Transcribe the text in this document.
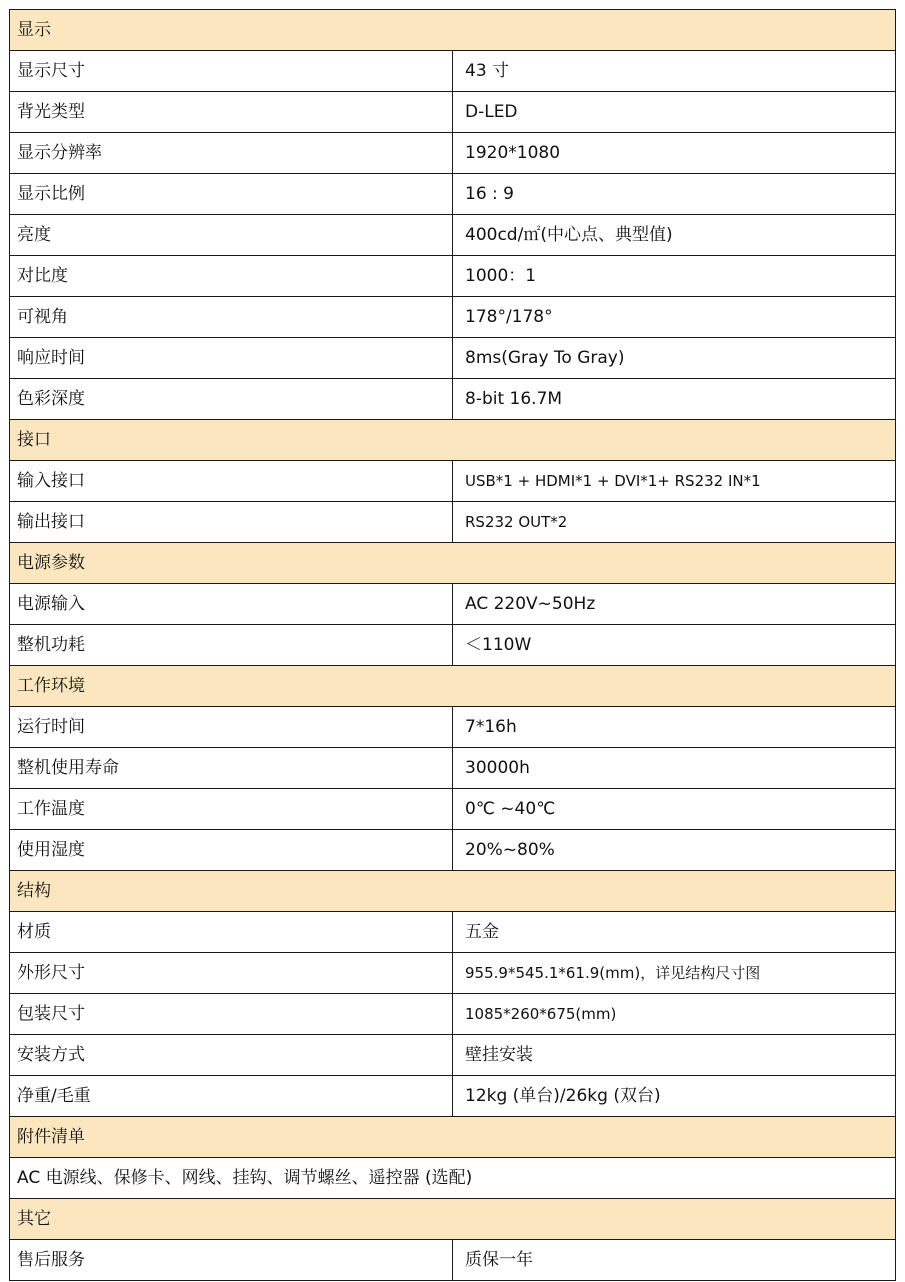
显示	
显示尺寸	43 寸
背光类型	D-LED
显示分辨率	1920*1080
显示比例	16 : 9
亮度	400cd/㎡(中心点、典型值)
对比度	1000：1
可视角	178°/178°
响应时间	8ms(Gray To Gray)
色彩深度	8-bit 16.7M
接口	
输入接口	USB*1 + HDMI*1 + DVI*1+ RS232 IN*1
输出接口	RS232 OUT*2
电源参数	
电源输入	AC 220V~50Hz
整机功耗	＜110W
工作环境	
运行时间	7*16h
整机使用寿命	30000h
工作温度	0℃ ~40℃
使用湿度	20%~80%
结构	
材质	五金
外形尺寸	955.9*545.1*61.9(mm)，详见结构尺寸图
包装尺寸	1085*260*675(mm)
安装方式	壁挂安装
净重/毛重	12kg (单台)/26kg (双台)
附件清单	
AC 电源线、保修卡、网线、挂钩、调节螺丝、遥控器 (选配)	
其它	
售后服务	质保一年
